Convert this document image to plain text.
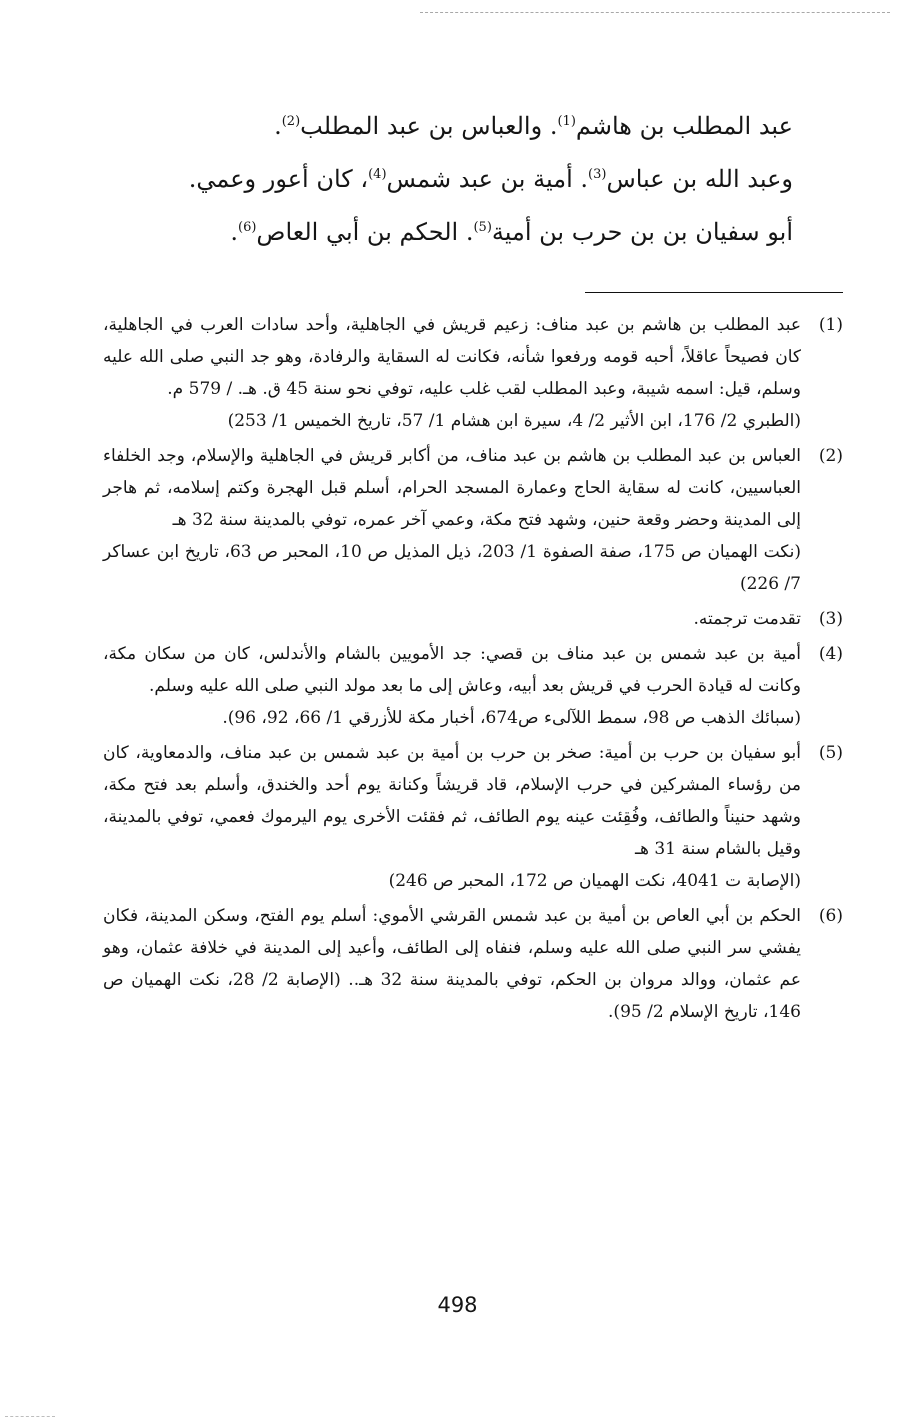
عبد المطلب بن هاشم$^{(1)}$. والعباس بن عبد المطلب$^{(2)}$.
وعبد الله بن عباس$^{(3)}$. أمية بن عبد شمس$^{(4)}$، كان أعور وعمي.
أبو سفيان بن بن حرب بن أمية$^{(5)}$. الحكم بن أبي العاص$^{(6)}$.
(1)

عبد المطلب بن هاشم بن عبد مناف: زعيم قريش في الجاهلية، وأحد سادات العرب في الجاهلية، كان فصيحاً عاقلاً، أحبه قومه ورفعوا شأنه، فكانت له السقاية والرفادة، وهو جد النبي صلى الله عليه وسلم، قيل: اسمه شيبة، وعبد المطلب لقب غلب عليه، توفي نحو سنة 45 ق. هـ. / 579 م.

(الطبري 2/ 176، ابن الأثير 2/ 4، سيرة ابن هشام 1/ 57، تاريخ الخميس 1/ 253)

(2)

العباس بن عبد المطلب بن هاشم بن عبد مناف، من أكابر قريش في الجاهلية والإسلام، وجد الخلفاء العباسيين، كانت له سقاية الحاج وعمارة المسجد الحرام، أسلم قبل الهجرة وكتم إسلامه، ثم هاجر إلى المدينة وحضر وقعة حنين، وشهد فتح مكة، وعمي آخر عمره، توفي بالمدينة سنة 32 هـ

(نكت الهميان ص 175، صفة الصفوة 1/ 203، ذيل المذيل ص 10، المحبر ص 63، تاريخ ابن عساكر 7/ 226)

(3)

تقدمت ترجمته.

(4)

أمية بن عبد شمس بن عبد مناف بن قصي: جد الأمويين بالشام والأندلس، كان من سكان مكة، وكانت له قيادة الحرب في قريش بعد أبيه، وعاش إلى ما بعد مولد النبي صلى الله عليه وسلم.

(سبائك الذهب ص 98، سمط اللآلىء ص674، أخبار مكة للأزرقي 1/ 66، 92، 96).

(5)

أبو سفيان بن حرب بن أمية: صخر بن حرب بن أمية بن عبد شمس بن عبد مناف، والدمعاوية، كان من رؤساء المشركين في حرب الإسلام، قاد قريشاً وكنانة يوم أحد والخندق، وأسلم بعد فتح مكة، وشهد حنيناً والطائف، وفُقِئت عينه يوم الطائف، ثم فقئت الأخرى يوم اليرموك فعمي، توفي بالمدينة، وقيل بالشام سنة 31 هـ

(الإصابة ت 4041، نكت الهميان ص 172، المحبر ص 246)

(6)

الحكم بن أبي العاص بن أمية بن عبد شمس القرشي الأموي: أسلم يوم الفتح، وسكن المدينة، فكان يفشي سر النبي صلى الله عليه وسلم، فنفاه إلى الطائف، وأعيد إلى المدينة في خلافة عثمان، وهو عم عثمان، ووالد مروان بن الحكم، توفي بالمدينة سنة 32 هـ.. (الإصابة 2/ 28، نكت الهميان ص 146، تاريخ الإسلام 2/ 95).

498
